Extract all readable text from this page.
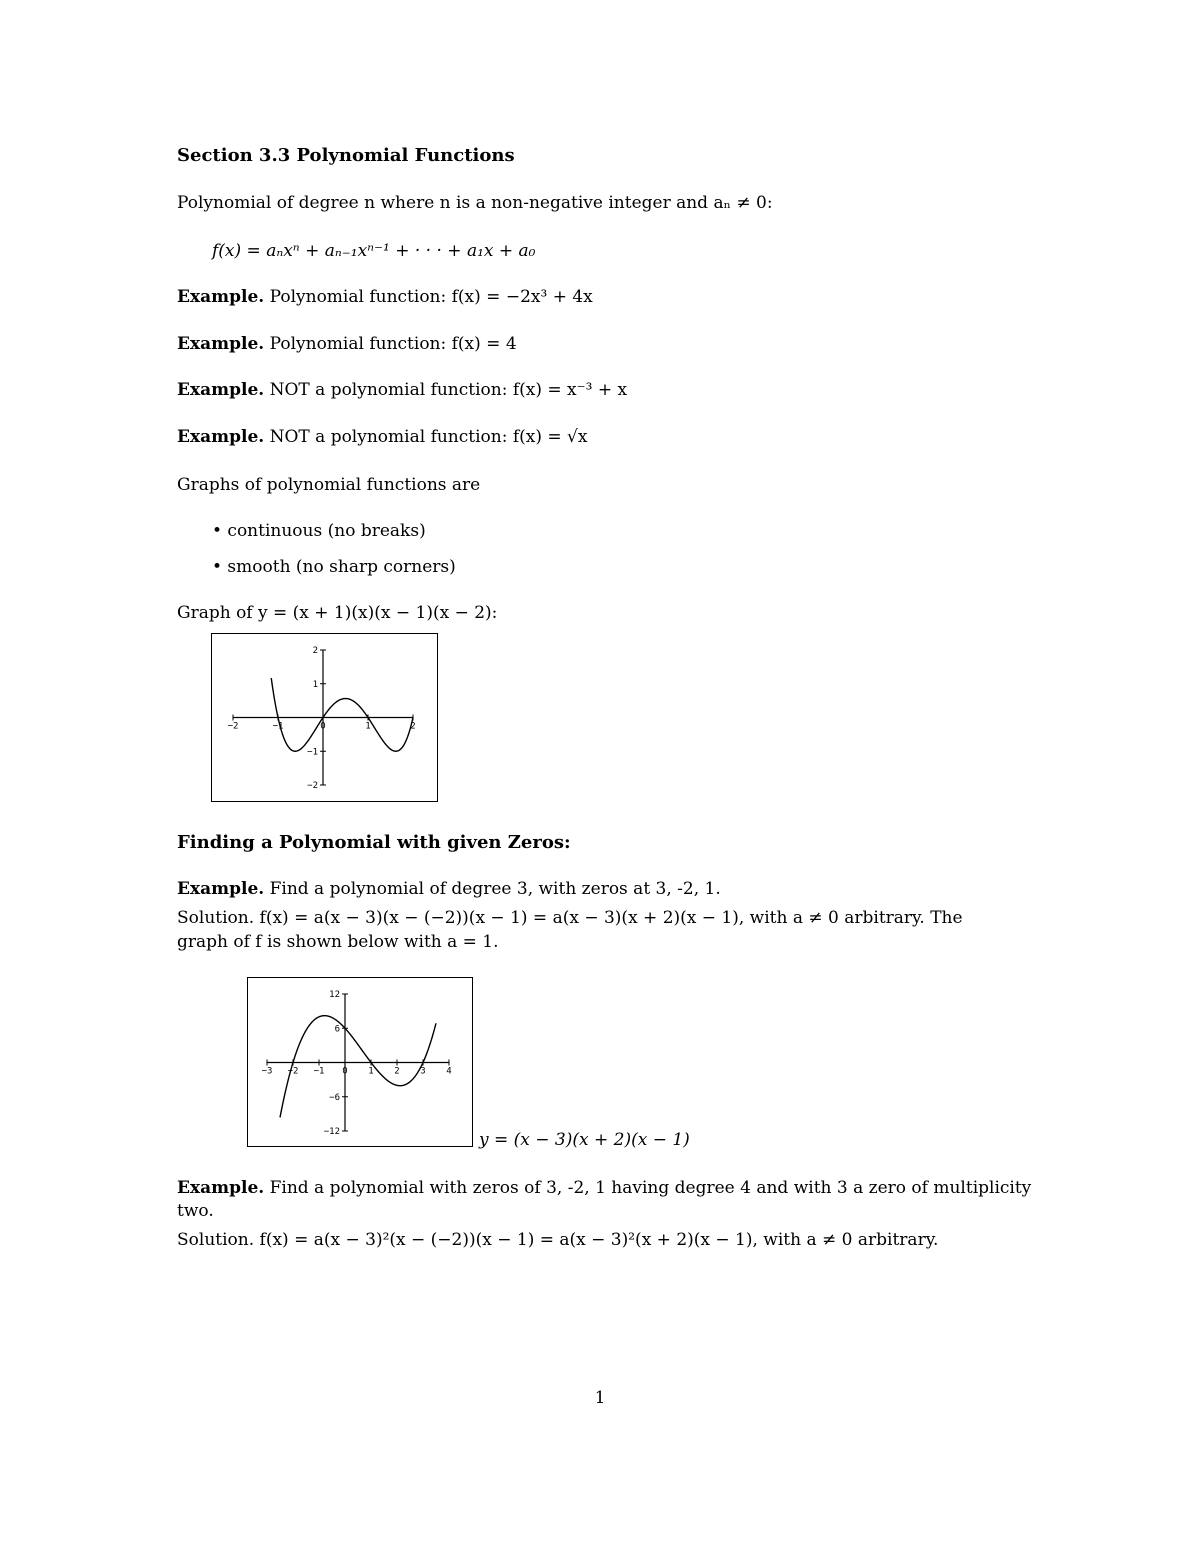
Section 3.3 Polynomial Functions
Polynomial of degree n where n is a non-negative integer and aₙ ≠ 0:
f(x) = aₙxⁿ + aₙ₋₁xⁿ⁻¹ + · · · + a₁x + a₀
Example. Polynomial function: f(x) = −2x³ + 4x
Example. Polynomial function: f(x) = 4
Example. NOT a polynomial function: f(x) = x⁻³ + x
Example. NOT a polynomial function: f(x) = √x
Graphs of polynomial functions are
• continuous (no breaks)
• smooth (no sharp corners)
Graph of y = (x + 1)(x)(x − 1)(x − 2):
−2	−1	0	1	2
2
1
−1
−2
Finding a Polynomial with given Zeros:
Example. Find a polynomial of degree 3, with zeros at 3, -2, 1.
Solution. f(x) = a(x − 3)(x − (−2))(x − 1) = a(x − 3)(x + 2)(x − 1), with a ≠ 0 arbitrary. The
graph of f is shown below with a = 1.
−3 −2 −1 0 1 2 3 4
12
6
−6
−12	y = (x − 3)(x + 2)(x − 1)
Example. Find a polynomial with zeros of 3, -2, 1 having degree 4 and with 3 a zero of multiplicity
two.
Solution. f(x) = a(x − 3)²(x − (−2))(x − 1) = a(x − 3)²(x + 2)(x − 1), with a ≠ 0 arbitrary.
1
